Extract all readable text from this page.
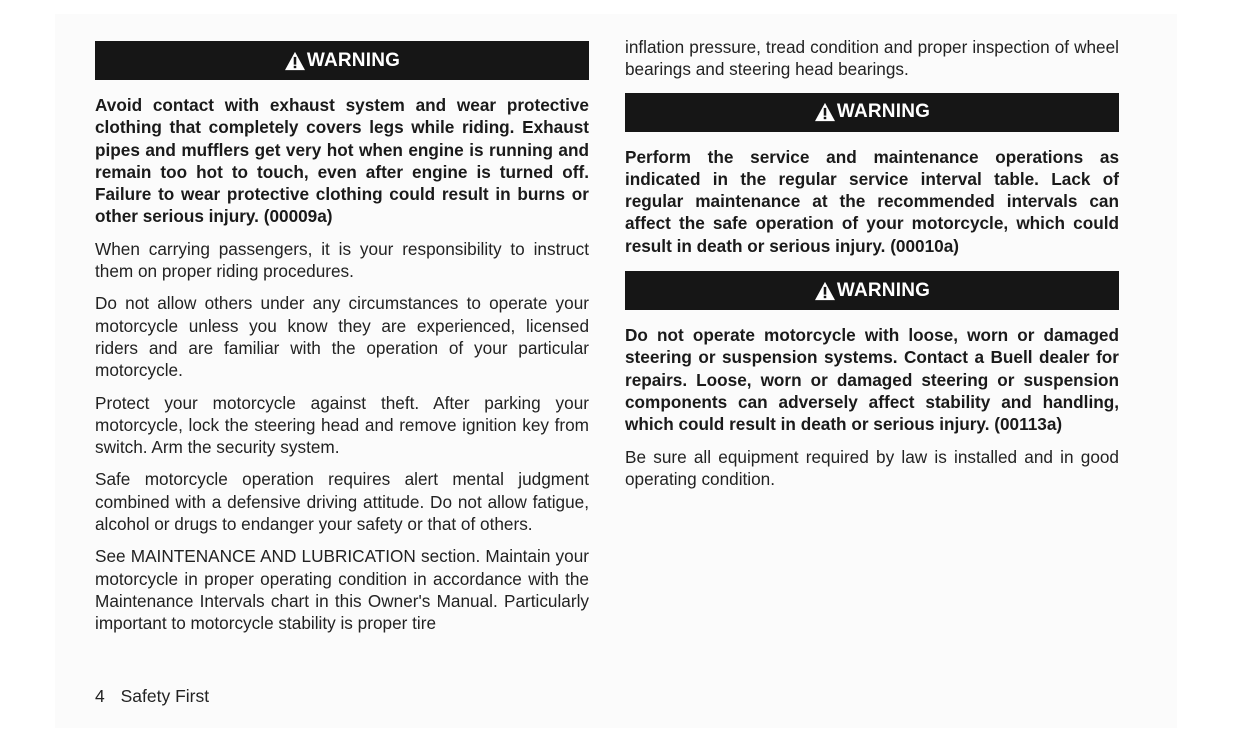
WARNING

Avoid contact with exhaust system and wear protective clothing that completely covers legs while riding. Exhaust pipes and mufflers get very hot when engine is running and remain too hot to touch, even after engine is turned off. Failure to wear protective clothing could result in burns or other serious injury. (00009a)

When carrying passengers, it is your responsibility to instruct them on proper riding procedures.

Do not allow others under any circumstances to operate your motorcycle unless you know they are experienced, licensed riders and are familiar with the operation of your particular motorcycle.

Protect your motorcycle against theft. After parking your motorcycle, lock the steering head and remove ignition key from switch. Arm the security system.

Safe motorcycle operation requires alert mental judgment combined with a defensive driving attitude. Do not allow fatigue, alcohol or drugs to endanger your safety or that of others.

See MAINTENANCE AND LUBRICATION section. Maintain your motorcycle in proper operating condition in accordance with the Maintenance Intervals chart in this Owner's Manual. Particularly important to motorcycle stability is proper tire

inflation pressure, tread condition and proper inspection of wheel bearings and steering head bearings.

WARNING

Perform the service and maintenance operations as indicated in the regular service interval table. Lack of regular maintenance at the recommended intervals can affect the safe operation of your motorcycle, which could result in death or serious injury. (00010a)

WARNING

Do not operate motorcycle with loose, worn or damaged steering or suspension systems. Contact a Buell dealer for repairs. Loose, worn or damaged steering or suspension components can adversely affect stability and handling, which could result in death or serious injury. (00113a)

Be sure all equipment required by law is installed and in good operating condition.

4 Safety First
